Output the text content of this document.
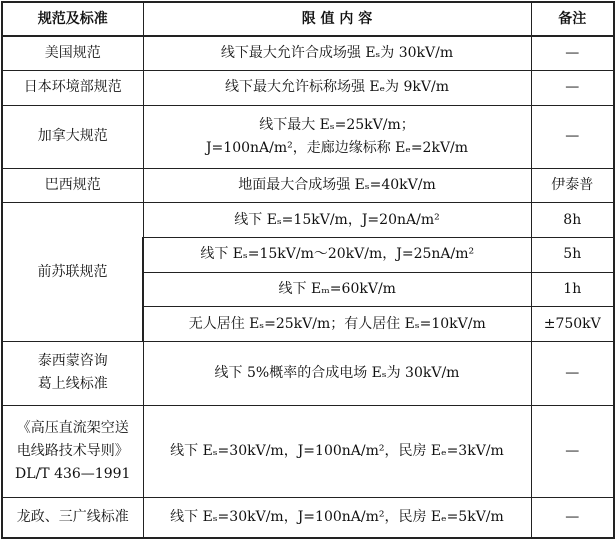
规范及标准	限 值 内 容	备注
美国规范	线下最大允许合成场强 Eₛ为 30kV/m	—
日本环境部规范	线下最大允许标称场强 Eₑ为 9kV/m	—
加拿大规范	线下最大 Eₛ=25kV/m；
J=100nA/m²，走廊边缘标称 Eₑ=2kV/m	—
巴西规范	地面最大合成场强 Eₛ=40kV/m	伊泰普
前苏联规范	线下 Eₛ=15kV/m，J=20nA/m²	8h
	线下 Eₛ=15kV/m～20kV/m，J=25nA/m²	5h
	线下 Eₘ=60kV/m	1h
	无人居住 Eₛ=25kV/m；有人居住 Eₛ=10kV/m	±750kV

泰西蒙咨询
葛上线标准	线下 5%概率的合成电场 Eₛ为 30kV/m	—

《高压直流架空送
电线路技术导则》
DL/T 436—1991	线下 Eₛ=30kV/m，J=100nA/m²，民房 Eₑ=3kV/m	—
龙政、三广线标准	线下 Eₛ=30kV/m，J=100nA/m²，民房 Eₑ=5kV/m	—
